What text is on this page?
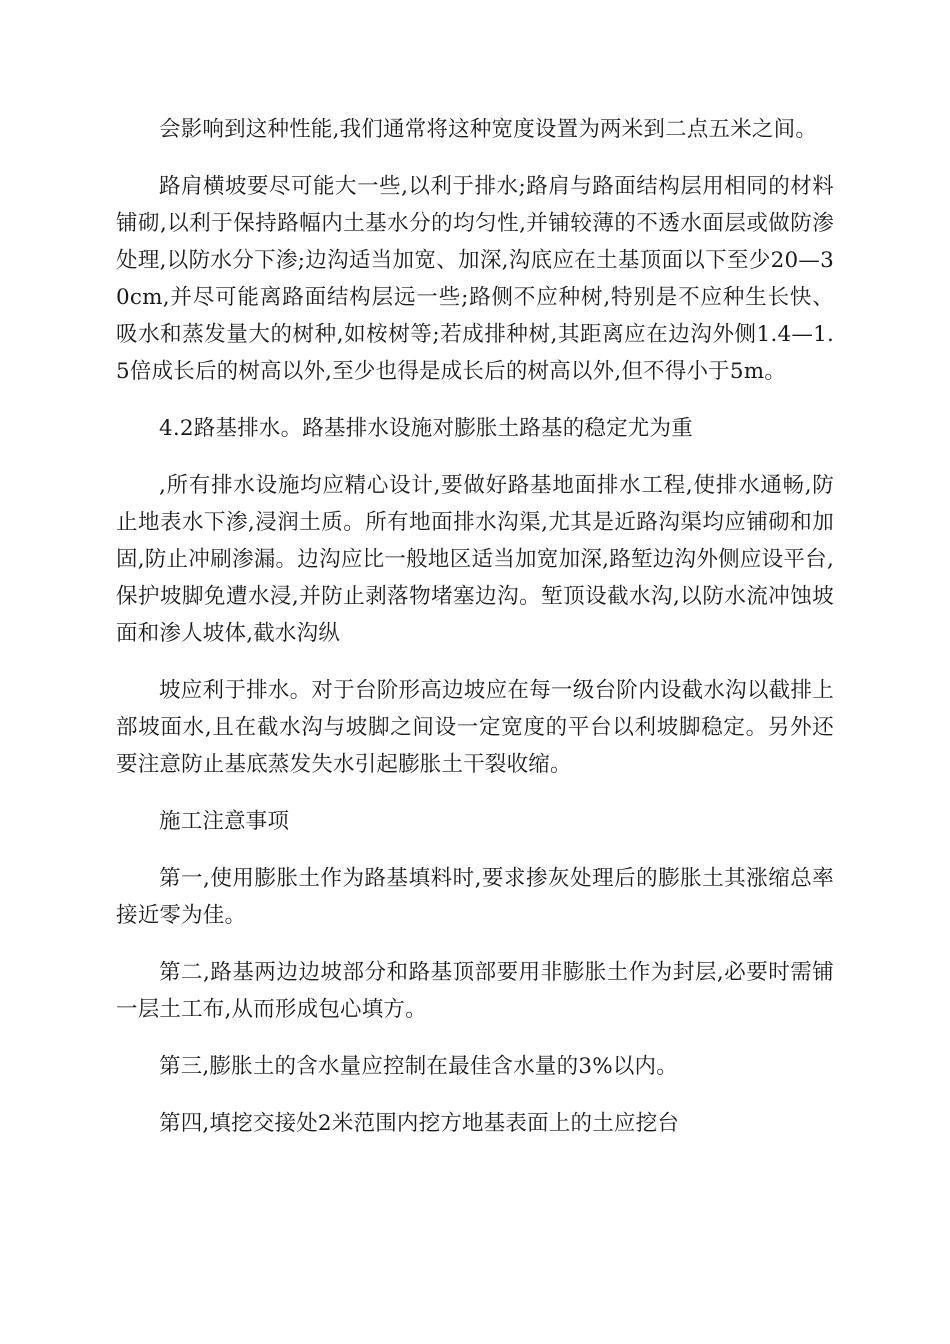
会影响到这种性能,我们通常将这种宽度设置为两米到二点五米之间。

路肩横坡要尽可能大一些,以利于排水;路肩与路面结构层用相同的材料铺砌,以利于保持路幅内土基水分的均匀性,并铺较薄的不透水面层或做防渗处理,以防水分下渗;边沟适当加宽、加深,沟底应在土基顶面以下至少20—30cm,并尽可能离路面结构层远一些;路侧不应种树,特别是不应种生长快、吸水和蒸发量大的树种,如桉树等;若成排种树,其距离应在边沟外侧1.4—1.5倍成长后的树高以外,至少也得是成长后的树高以外,但不得小于5m。

4.2路基排水。路基排水设施对膨胀土路基的稳定尤为重

,所有排水设施均应精心设计,要做好路基地面排水工程,使排水通畅,防止地表水下渗,浸润土质。所有地面排水沟渠,尤其是近路沟渠均应铺砌和加固,防止冲刷渗漏。边沟应比一般地区适当加宽加深,路堑边沟外侧应设平台,保护坡脚免遭水浸,并防止剥落物堵塞边沟。堑顶设截水沟,以防水流冲蚀坡面和渗人坡体,截水沟纵

坡应利于排水。对于台阶形高边坡应在每一级台阶内设截水沟以截排上部坡面水,且在截水沟与坡脚之间设一定宽度的平台以利坡脚稳定。另外还要注意防止基底蒸发失水引起膨胀土干裂收缩。

施工注意事项

第一,使用膨胀土作为路基填料时,要求掺灰处理后的膨胀土其涨缩总率接近零为佳。

第二,路基两边边坡部分和路基顶部要用非膨胀土作为封层,必要时需铺一层土工布,从而形成包心填方。

第三,膨胀土的含水量应控制在最佳含水量的3%以内。

第四,填挖交接处2米范围内挖方地基表面上的土应挖台
